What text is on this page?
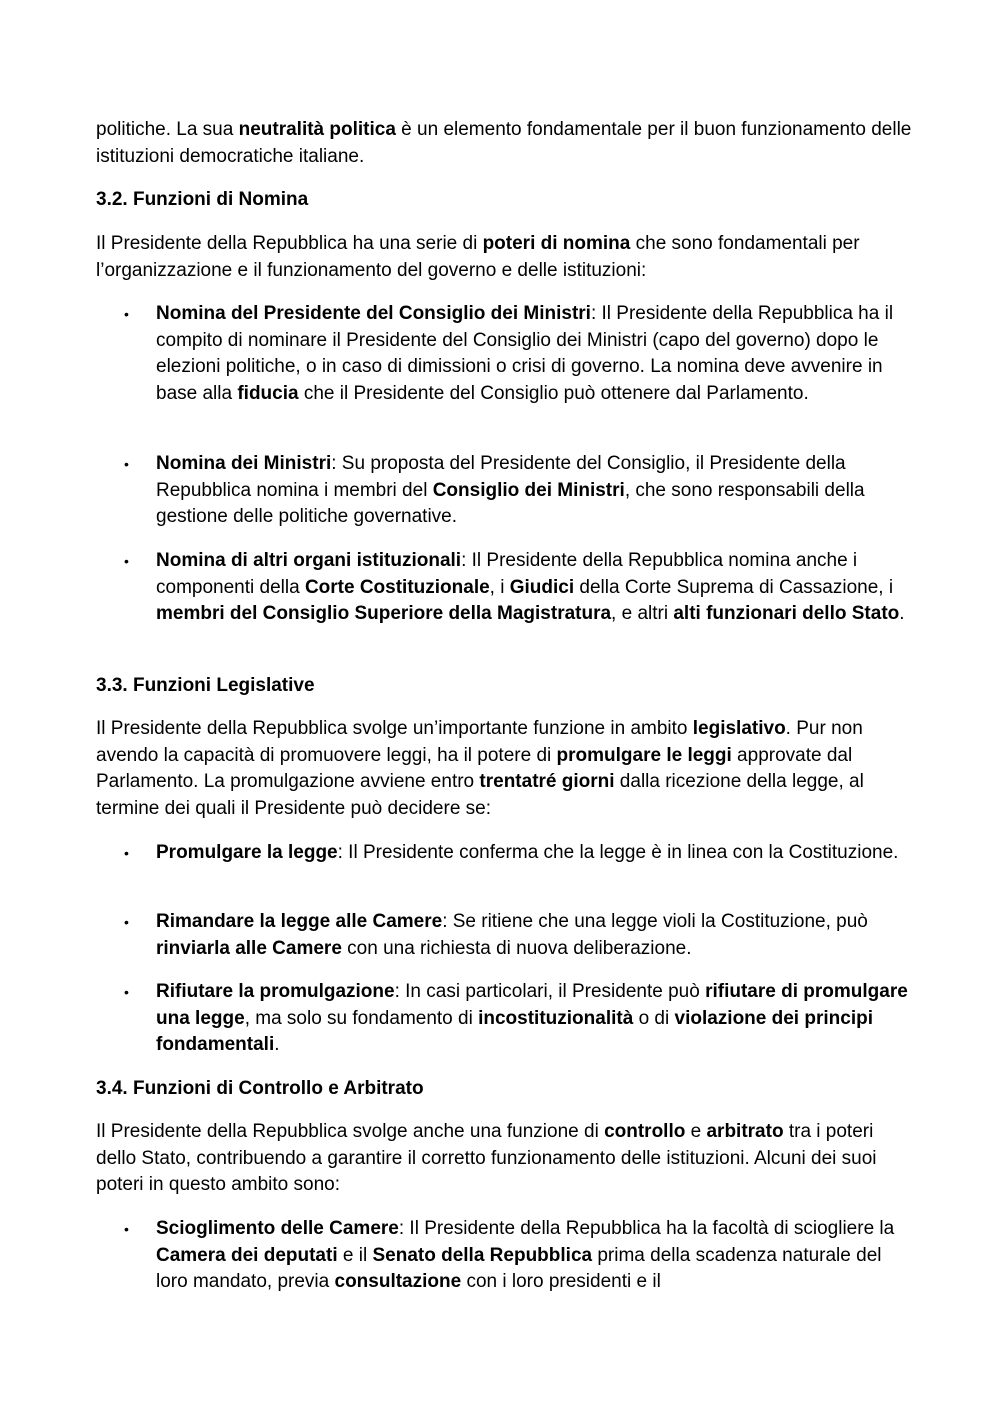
politiche. La sua neutralità politica è un elemento fondamentale per il buon funzionamento delle istituzioni democratiche italiane.

3.2. Funzioni di Nomina

Il Presidente della Repubblica ha una serie di poteri di nomina che sono fondamentali per l’organizzazione e il funzionamento del governo e delle istituzioni:

• Nomina del Presidente del Consiglio dei Ministri: Il Presidente della Repubblica ha il compito di nominare il Presidente del Consiglio dei Ministri (capo del governo) dopo le elezioni politiche, o in caso di dimissioni o crisi di governo. La nomina deve avvenire in base alla fiducia che il Presidente del Consiglio può ottenere dal Parlamento.

• Nomina dei Ministri: Su proposta del Presidente del Consiglio, il Presidente della Repubblica nomina i membri del Consiglio dei Ministri, che sono responsabili della gestione delle politiche governative.

• Nomina di altri organi istituzionali: Il Presidente della Repubblica nomina anche i componenti della Corte Costituzionale, i Giudici della Corte Suprema di Cassazione, i membri del Consiglio Superiore della Magistratura, e altri alti funzionari dello Stato.

3.3. Funzioni Legislative

Il Presidente della Repubblica svolge un’importante funzione in ambito legislativo. Pur non avendo la capacità di promuovere leggi, ha il potere di promulgare le leggi approvate dal Parlamento. La promulgazione avviene entro trentatré giorni dalla ricezione della legge, al termine dei quali il Presidente può decidere se:

• Promulgare la legge: Il Presidente conferma che la legge è in linea con la Costituzione.

• Rimandare la legge alle Camere: Se ritiene che una legge violi la Costituzione, può rinviarla alle Camere con una richiesta di nuova deliberazione.

• Rifiutare la promulgazione: In casi particolari, il Presidente può rifiutare di promulgare una legge, ma solo su fondamento di incostituzionalità o di violazione dei principi fondamentali.

3.4. Funzioni di Controllo e Arbitrato

Il Presidente della Repubblica svolge anche una funzione di controllo e arbitrato tra i poteri dello Stato, contribuendo a garantire il corretto funzionamento delle istituzioni. Alcuni dei suoi poteri in questo ambito sono:

• Scioglimento delle Camere: Il Presidente della Repubblica ha la facoltà di sciogliere la Camera dei deputati e il Senato della Repubblica prima della scadenza naturale del loro mandato, previa consultazione con i loro presidenti e il
